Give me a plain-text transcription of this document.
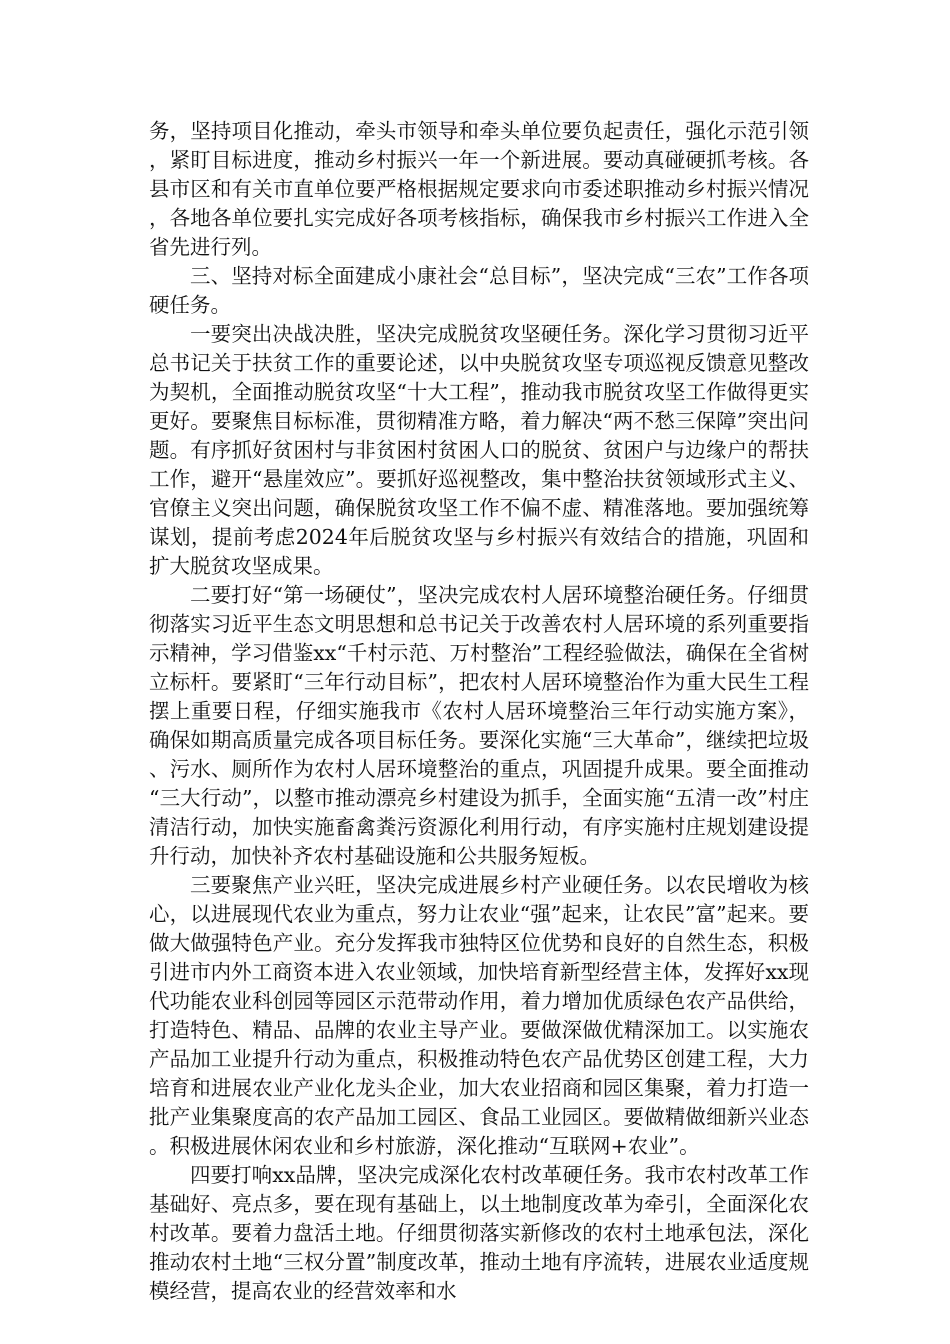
务，坚持项目化推动，牵头市领导和牵头单位要负起责任，强化示范引领，紧盯目标进度，推动乡村振兴一年一个新进展。要动真碰硬抓考核。各县市区和有关市直单位要严格根据规定要求向市委述职推动乡村振兴情况，各地各单位要扎实完成好各项考核指标，确保我市乡村振兴工作进入全省先进行列。

三、坚持对标全面建成小康社会“总目标”，坚决完成“三农”工作各项硬任务。

一要突出决战决胜，坚决完成脱贫攻坚硬任务。深化学习贯彻习近平总书记关于扶贫工作的重要论述，以中央脱贫攻坚专项巡视反馈意见整改为契机，全面推动脱贫攻坚“十大工程”，推动我市脱贫攻坚工作做得更实更好。要聚焦目标标准，贯彻精准方略，着力解决“两不愁三保障”突出问题。有序抓好贫困村与非贫困村贫困人口的脱贫、贫困户与边缘户的帮扶工作，避开“悬崖效应”。要抓好巡视整改，集中整治扶贫领域形式主义、官僚主义突出问题，确保脱贫攻坚工作不偏不虚、精准落地。要加强统筹谋划，提前考虑2024年后脱贫攻坚与乡村振兴有效结合的措施，巩固和扩大脱贫攻坚成果。

二要打好“第一场硬仗”，坚决完成农村人居环境整治硬任务。仔细贯彻落实习近平生态文明思想和总书记关于改善农村人居环境的系列重要指示精神，学习借鉴xx“千村示范、万村整治”工程经验做法，确保在全省树立标杆。要紧盯“三年行动目标”，把农村人居环境整治作为重大民生工程摆上重要日程，仔细实施我市《农村人居环境整治三年行动实施方案》，确保如期高质量完成各项目标任务。要深化实施“三大革命”，继续把垃圾、污水、厕所作为农村人居环境整治的重点，巩固提升成果。要全面推动“三大行动”，以整市推动漂亮乡村建设为抓手，全面实施“五清一改”村庄清洁行动，加快实施畜禽粪污资源化利用行动，有序实施村庄规划建设提升行动，加快补齐农村基础设施和公共服务短板。

三要聚焦产业兴旺，坚决完成进展乡村产业硬任务。以农民增收为核心，以进展现代农业为重点，努力让农业“强”起来，让农民”富”起来。要做大做强特色产业。充分发挥我市独特区位优势和良好的自然生态，积极引进市内外工商资本进入农业领域，加快培育新型经营主体，发挥好xx现代功能农业科创园等园区示范带动作用，着力增加优质绿色农产品供给，打造特色、精品、品牌的农业主导产业。要做深做优精深加工。以实施农产品加工业提升行动为重点，积极推动特色农产品优势区创建工程，大力培育和进展农业产业化龙头企业，加大农业招商和园区集聚，着力打造一批产业集聚度高的农产品加工园区、食品工业园区。要做精做细新兴业态。积极进展休闲农业和乡村旅游，深化推动“互联网+农业”。

四要打响xx品牌，坚决完成深化农村改革硬任务。我市农村改革工作基础好、亮点多，要在现有基础上，以土地制度改革为牵引，全面深化农村改革。要着力盘活土地。仔细贯彻落实新修改的农村土地承包法，深化推动农村土地“三权分置”制度改革，推动土地有序流转，进展农业适度规模经营，提高农业的经营效率和水
